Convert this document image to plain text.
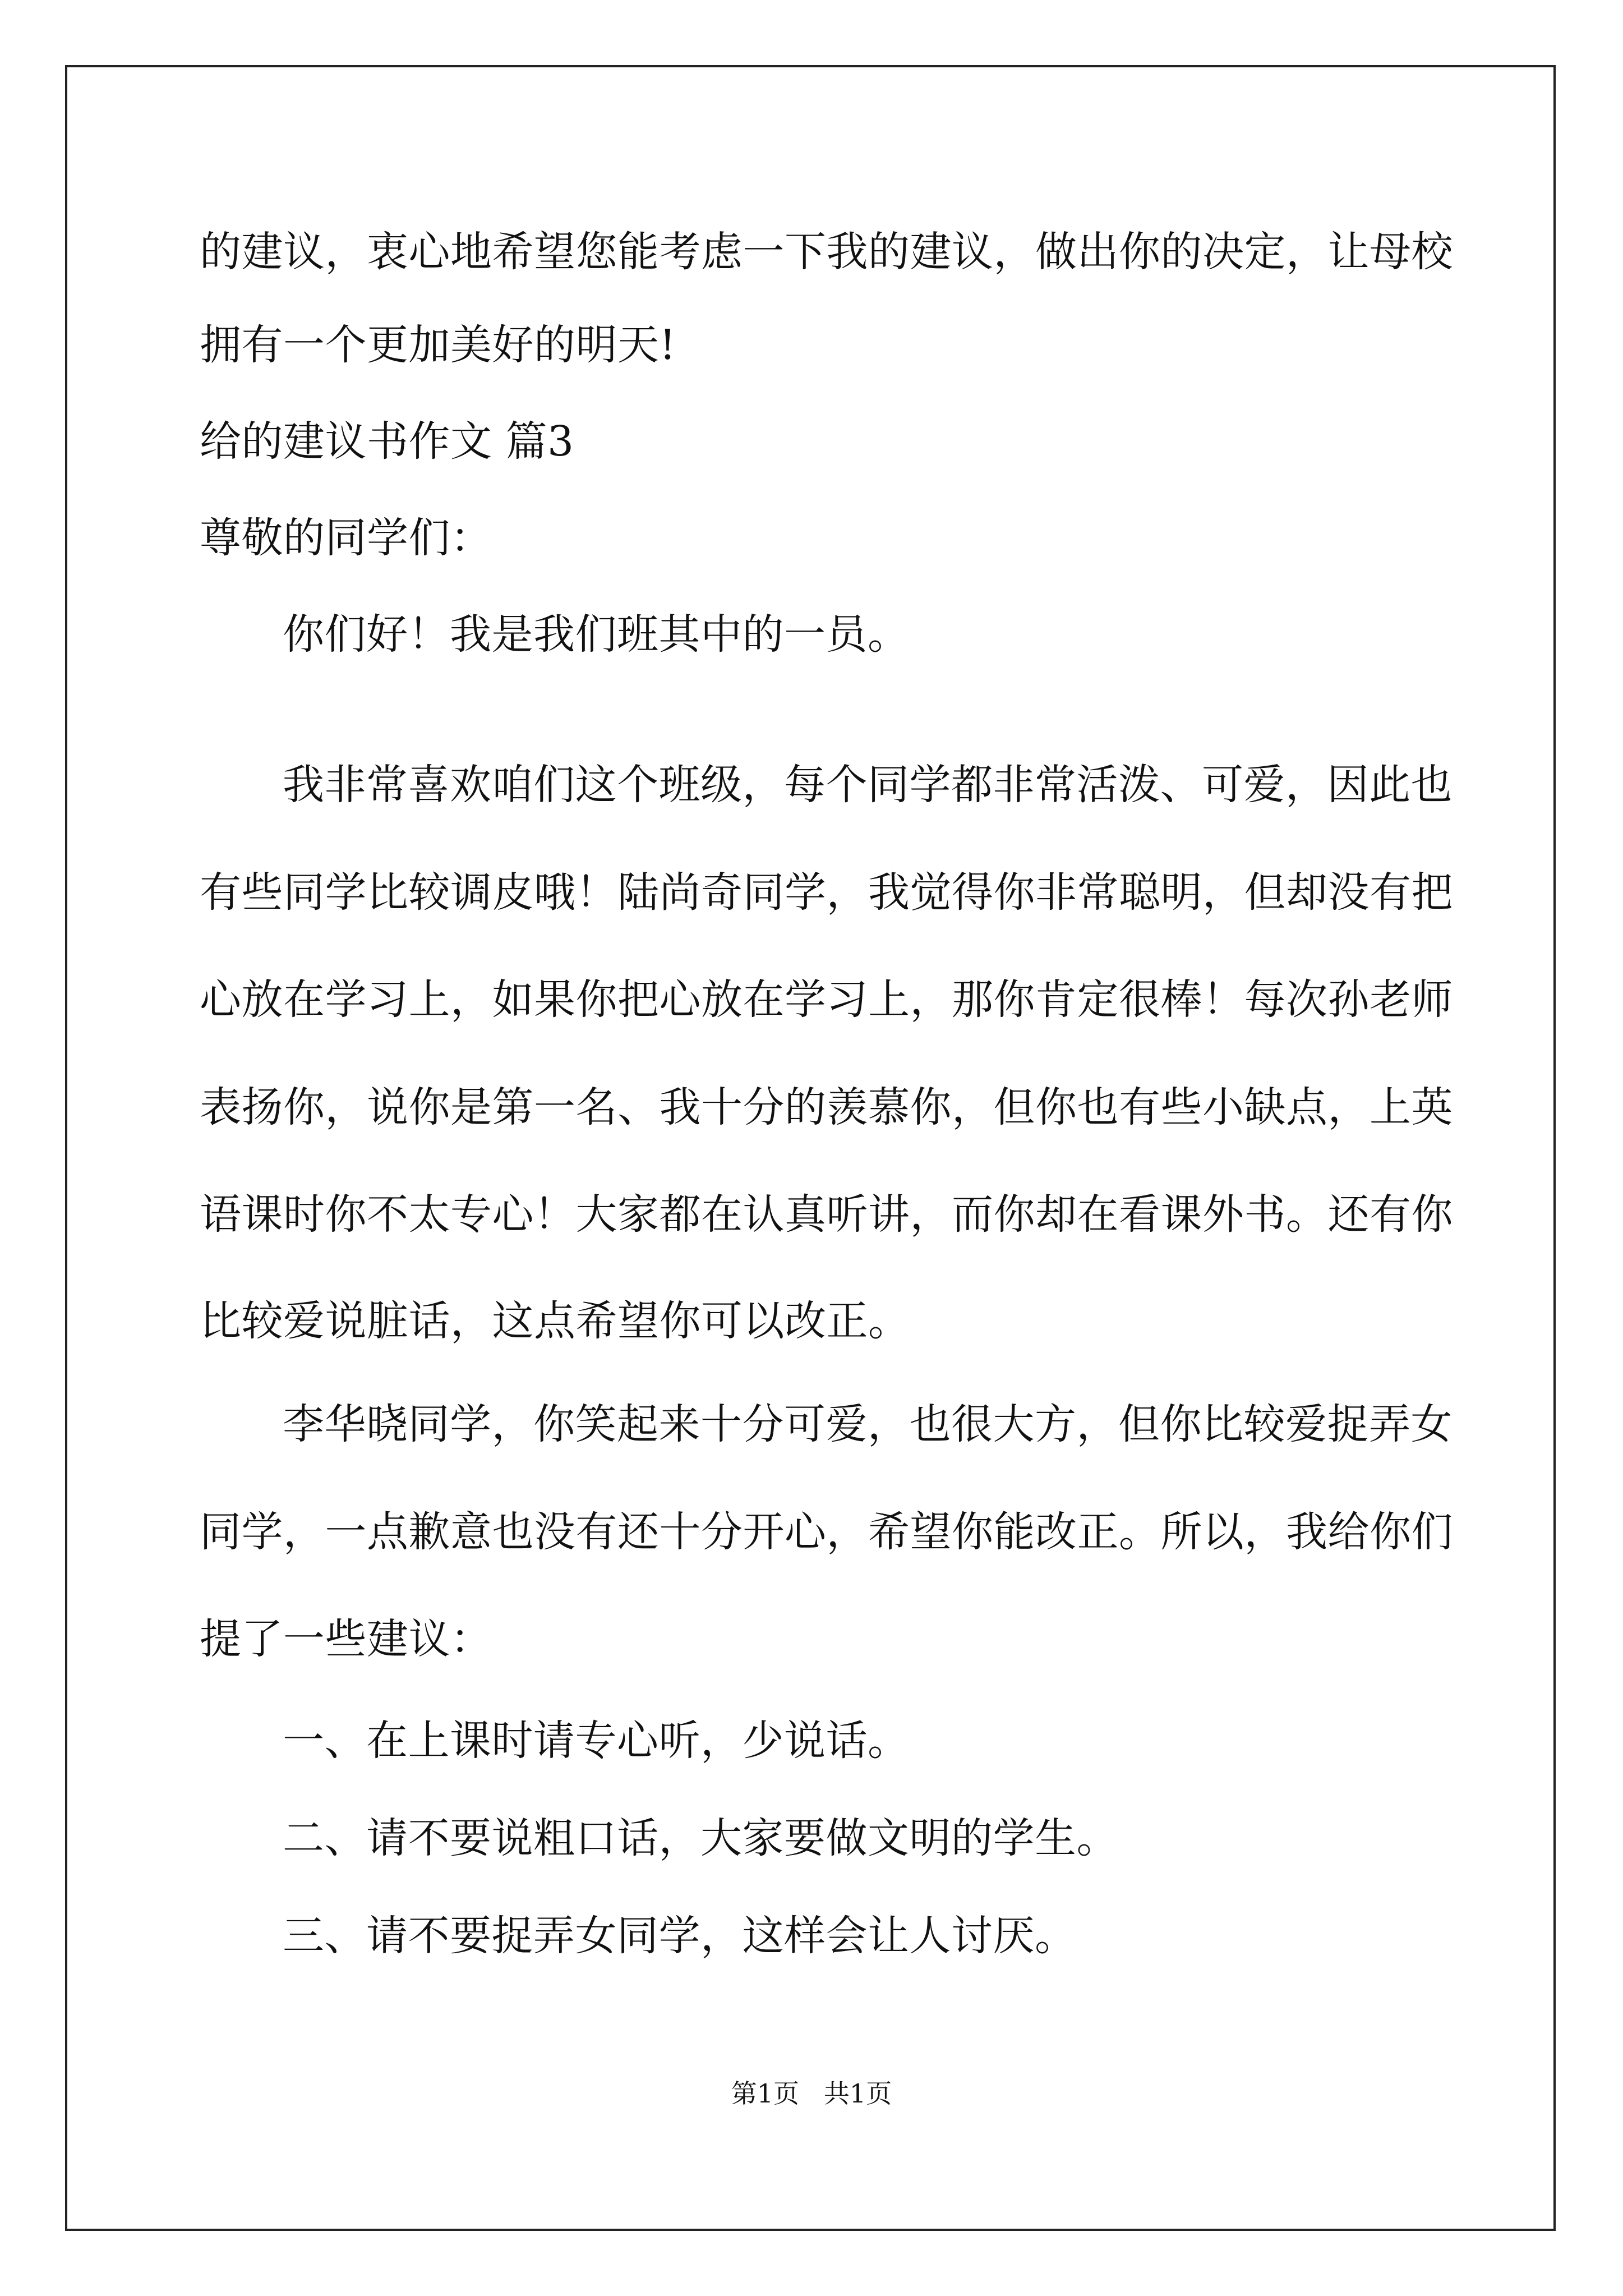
的建议，衷心地希望您能考虑一下我的建议，做出你的决定，让母校
拥有一个更加美好的明天!
给的建议书作文 篇3
尊敬的同学们：
你们好！我是我们班其中的一员。
我非常喜欢咱们这个班级，每个同学都非常活泼、可爱，因此也
有些同学比较调皮哦！陆尚奇同学，我觉得你非常聪明，但却没有把
心放在学习上，如果你把心放在学习上，那你肯定很棒！每次孙老师
表扬你，说你是第一名、我十分的羡慕你，但你也有些小缺点，上英
语课时你不太专心！大家都在认真听讲，而你却在看课外书。还有你
比较爱说脏话，这点希望你可以改正。
李华晓同学，你笑起来十分可爱，也很大方，但你比较爱捉弄女
同学，一点歉意也没有还十分开心，希望你能改正。所以，我给你们
提了一些建议：
一、在上课时请专心听，少说话。
二、请不要说粗口话，大家要做文明的学生。
三、请不要捉弄女同学，这样会让人讨厌。
第1页   共1页
